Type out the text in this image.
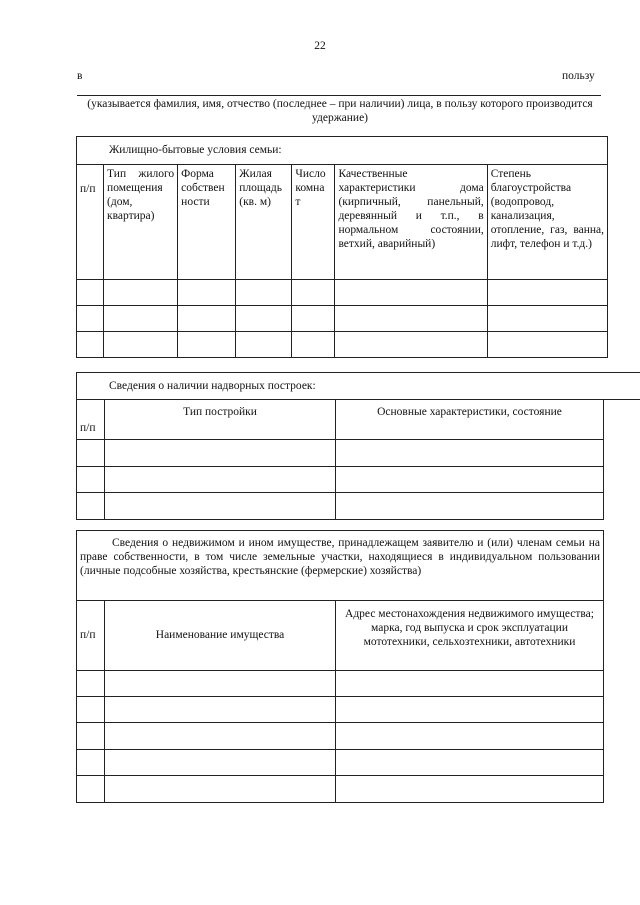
22
в	пользу
(указывается фамилия, имя, отчество (последнее – при наличии) лица, в пользу которого производится удержание)
Жилищно-бытовые условия семьи:						
п/п	Тип жилого помещения (дом, квартира)	Форма собствен ности	Жилая площадь (кв. м)	Число комна т	Качественные характеристики дома (кирпичный, панельный, деревянный и т.п., в нормальном состоянии, ветхий, аварийный)	Степень благоустройства (водопровод, канализация, отопление, газ, ванна, лифт, телефон и т.д.)

Сведения о наличии надворных построек:
п/п	Тип постройки	Основные характеристики, состояние

Сведения о недвижимом и ином имуществе, принадлежащем заявителю и (или) членам семьи на праве собственности, в том числе земельные участки, находящиеся в индивидуальном пользовании (личные подсобные хозяйства, крестьянские (фермерские) хозяйства)		
п/п	Наименование имущества	Адрес местонахождения недвижимого имущества; марка, год выпуска и срок эксплуатации мототехники, сельхозтехники, автотехники
